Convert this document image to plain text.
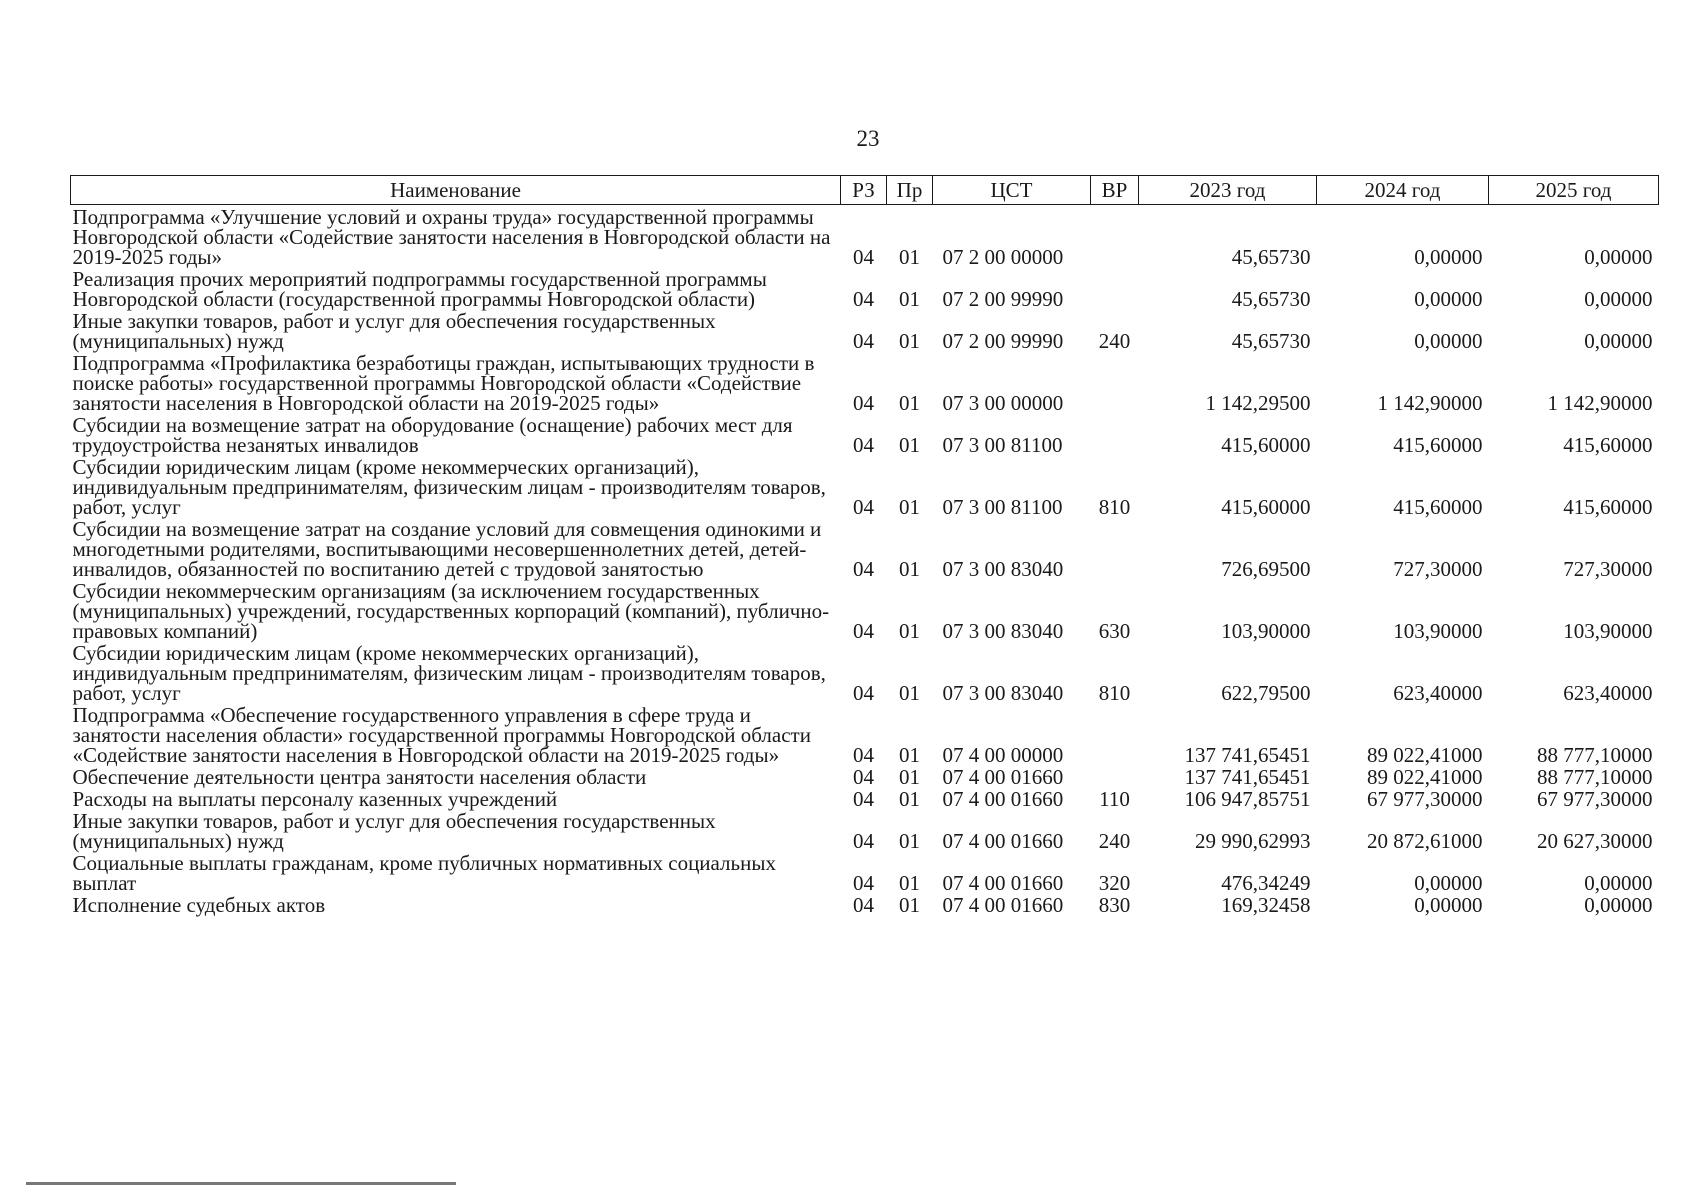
23
Наименование	РЗ	Пр	ЦСТ	ВР	2023 год	2024 год	2025 год
Подпрограмма «Улучшение условий и охраны труда» государственной программы Новгородской области «Содействие занятости населения в Новгородской области на 2019-2025 годы»	04	01	07 2 00 00000		45,65730	0,00000	0,00000
Реализация прочих мероприятий подпрограммы государственной программы Новгородской области (государственной программы Новгородской области)	04	01	07 2 00 99990		45,65730	0,00000	0,00000
Иные закупки товаров, работ и услуг для обеспечения государственных (муниципальных) нужд	04	01	07 2 00 99990	240	45,65730	0,00000	0,00000
Подпрограмма «Профилактика безработицы граждан, испытывающих трудности в поиске работы» государственной программы Новгородской области «Содействие занятости населения в Новгородской области на 2019-2025 годы»	04	01	07 3 00 00000		1 142,29500	1 142,90000	1 142,90000
Субсидии на возмещение затрат на оборудование (оснащение) рабочих мест для трудоустройства незанятых инвалидов	04	01	07 3 00 81100		415,60000	415,60000	415,60000
Субсидии юридическим лицам (кроме некоммерческих организаций), индивидуальным предпринимателям, физическим лицам - производителям товаров, работ, услуг	04	01	07 3 00 81100	810	415,60000	415,60000	415,60000
Субсидии на возмещение затрат на создание условий для совмещения одинокими и многодетными родителями, воспитывающими несовершеннолетних детей, детей- инвалидов, обязанностей по воспитанию детей с трудовой занятостью	04	01	07 3 00 83040		726,69500	727,30000	727,30000
Субсидии некоммерческим организациям (за исключением государственных (муниципальных) учреждений, государственных корпораций (компаний), публично-правовых компаний)	04	01	07 3 00 83040	630	103,90000	103,90000	103,90000
Субсидии юридическим лицам (кроме некоммерческих организаций), индивидуальным предпринимателям, физическим лицам - производителям товаров, работ, услуг	04	01	07 3 00 83040	810	622,79500	623,40000	623,40000
Подпрограмма «Обеспечение государственного управления в сфере труда и занятости населения области» государственной программы Новгородской области «Содействие занятости населения в Новгородской области на 2019-2025 годы»	04	01	07 4 00 00000		137 741,65451	89 022,41000	88 777,10000
Обеспечение деятельности центра занятости населения области	04	01	07 4 00 01660		137 741,65451	89 022,41000	88 777,10000
Расходы на выплаты персоналу казенных учреждений	04	01	07 4 00 01660	110	106 947,85751	67 977,30000	67 977,30000
Иные закупки товаров, работ и услуг для обеспечения государственных (муниципальных) нужд	04	01	07 4 00 01660	240	29 990,62993	20 872,61000	20 627,30000
Социальные выплаты гражданам, кроме публичных нормативных социальных выплат	04	01	07 4 00 01660	320	476,34249	0,00000	0,00000
Исполнение судебных актов	04	01	07 4 00 01660	830	169,32458	0,00000	0,00000
